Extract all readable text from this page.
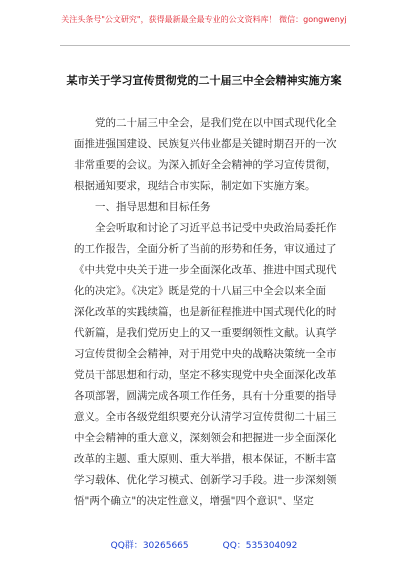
关注头条号"公文研究"，获得最新最全最专业的公文资料库！ 微信：gongwenyj
某市关于学习宣传贯彻党的二十届三中全会精神实施方案
　　党的二十届三中全会，是我们党在以中国式现代化全
面推进强国建设、民族复兴伟业都是关键时期召开的一次
非常重要的会议。为深入抓好全会精神的学习宣传贯彻，
根据通知要求，现结合市实际，制定如下实施方案。
一、指导思想和目标任务
　　全会听取和讨论了习近平总书记受中央政治局委托作
的工作报告，全面分析了当前的形势和任务，审议通过了
《中共党中央关于进一步全面深化改革、推进中国式现代
化的决定》。《决定》既是党的十八届三中全会以来全面
深化改革的实践续篇，也是新征程推进中国式现代化的时
代新篇，是我们党历史上的又一重要纲领性文献。认真学
习宣传贯彻全会精神，对于用党中央的战略决策统一全市
党员干部思想和行动，坚定不移实现党中央全面深化改革
各项部署，圆满完成各项工作任务，具有十分重要的指导
意义。全市各级党组织要充分认清学习宣传贯彻二十届三
中全会精神的重大意义，深刻领会和把握进一步全面深化
改革的主题、重大原则、重大举措，根本保证，不断丰富
学习载体、优化学习模式、创新学习手段。进一步深刻领
悟"两个确立"的决定性意义，增强"四个意识"、坚定
QQ群：30265665	QQ：535304092
